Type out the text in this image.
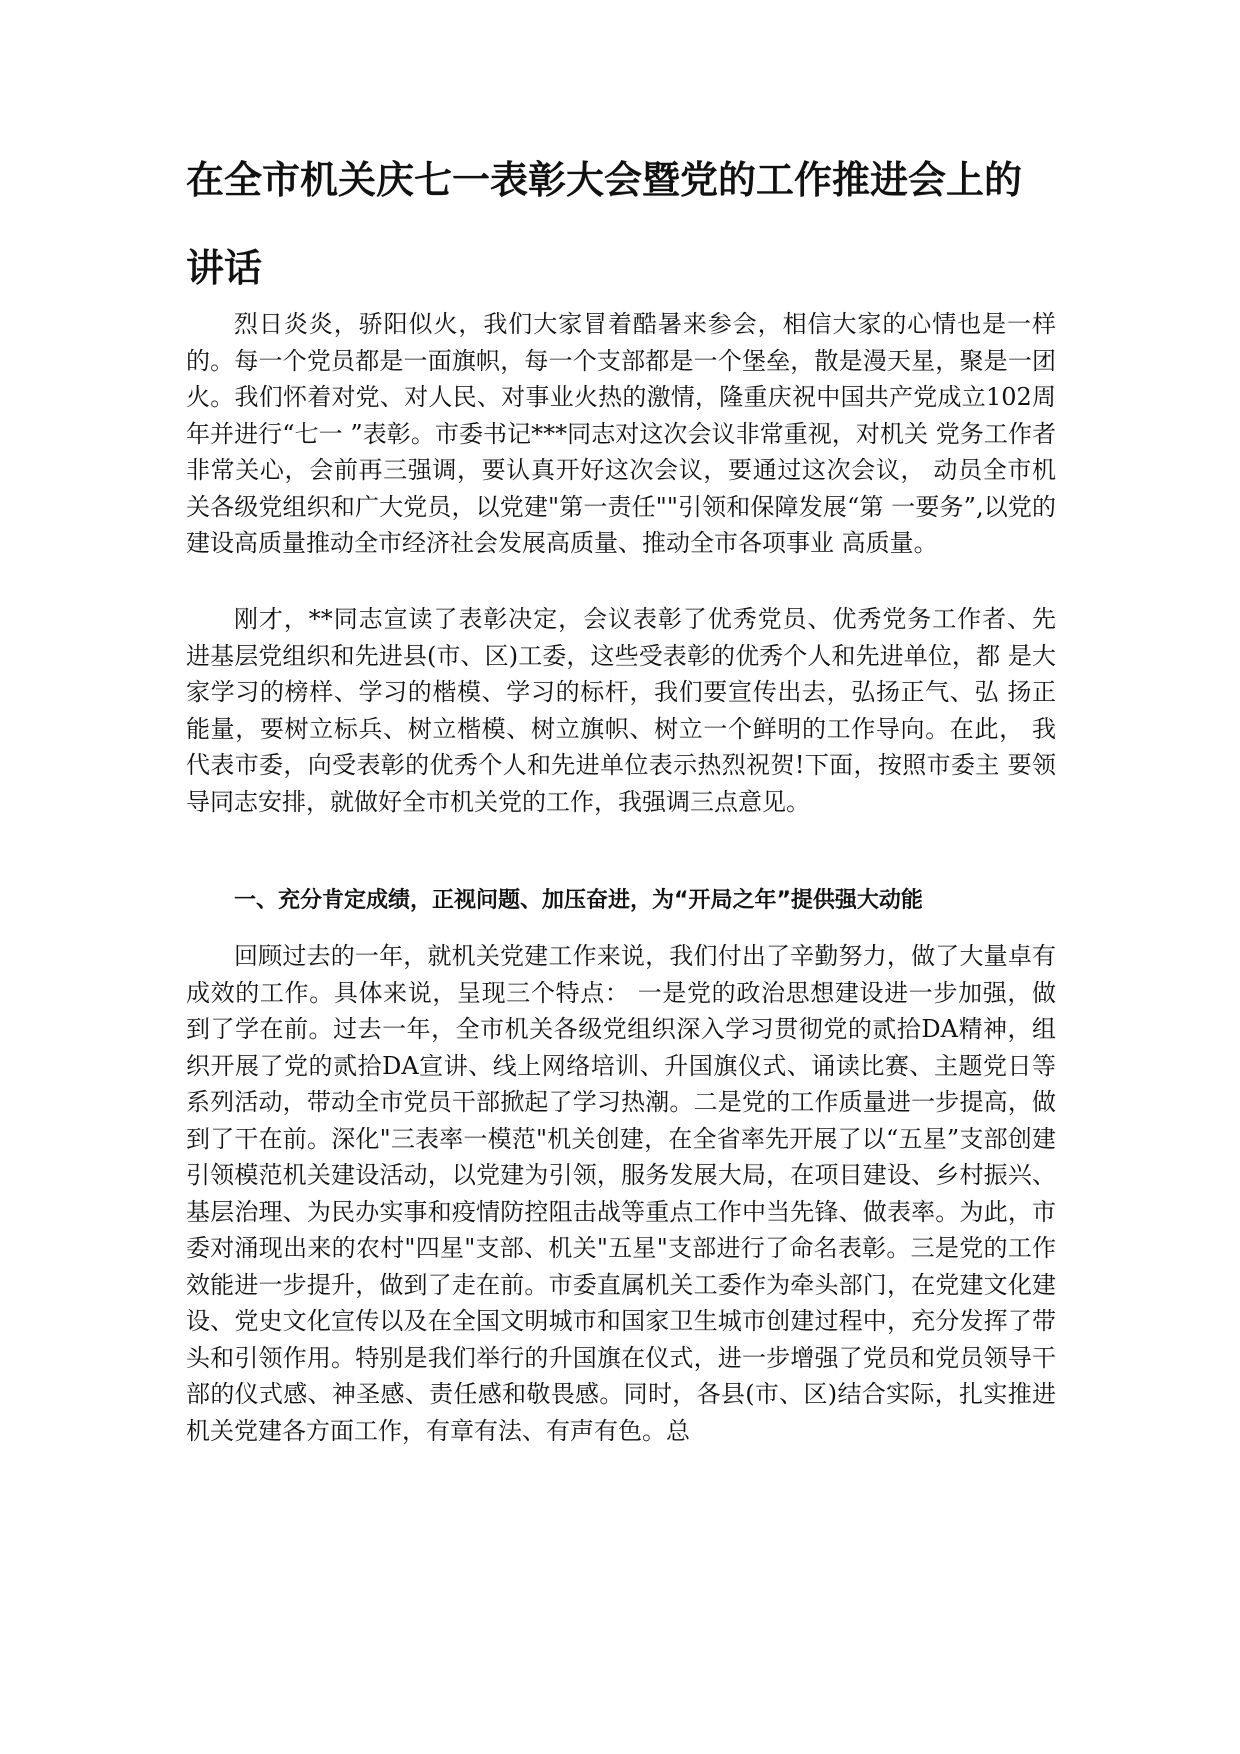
在全市机关庆七一表彰大会暨党的工作推进会上的
讲话

烈日炎炎，骄阳似火，我们大家冒着酷暑来参会，相信大家的心情也是一样的。每一个党员都是一面旗帜，每一个支部都是一个堡垒，散是漫天星，聚是一团火。我们怀着对党、对人民、对事业火热的激情，隆重庆祝中国共产党成立102周年并进行“七一 ”表彰。市委书记***同志对这次会议非常重视，对机关 党务工作者非常关心，会前再三强调，要认真开好这次会议，要通过这次会议， 动员全市机关各级党组织和广大党员，以党建"第一责任""引领和保障发展“第 一要务”,以党的建设高质量推动全市经济社会发展高质量、推动全市各项事业 高质量。

刚才，**同志宣读了表彰决定，会议表彰了优秀党员、优秀党务工作者、先 进基层党组织和先进县(市、区)工委，这些受表彰的优秀个人和先进单位，都 是大家学习的榜样、学习的楷模、学习的标杆，我们要宣传出去，弘扬正气、弘 扬正能量，要树立标兵、树立楷模、树立旗帜、树立一个鲜明的工作导向。在此， 我代表市委，向受表彰的优秀个人和先进单位表示热烈祝贺!下面，按照市委主 要领导同志安排，就做好全市机关党的工作，我强调三点意见。

一、充分肯定成绩，正视问题、加压奋进，为“开局之年”提供强大动能

回顾过去的一年，就机关党建工作来说，我们付出了辛勤努力，做了大量卓有成效的工作。具体来说，呈现三个特点： 一是党的政治思想建设进一步加强，做到了学在前。过去一年，全市机关各级党组织深入学习贯彻党的贰拾DA精神，组织开展了党的贰拾DA宣讲、线上网络培训、升国旗仪式、诵读比赛、主题党日等系列活动，带动全市党员干部掀起了学习热潮。二是党的工作质量进一步提高，做到了干在前。深化"三表率一模范"机关创建，在全省率先开展了以“五星”支部创建引领模范机关建设活动，以党建为引领，服务发展大局，在项目建设、乡村振兴、基层治理、为民办实事和疫情防控阻击战等重点工作中当先锋、做表率。为此，市委对涌现出来的农村"四星"支部、机关"五星"支部进行了命名表彰。三是党的工作效能进一步提升，做到了走在前。市委直属机关工委作为牵头部门，在党建文化建设、党史文化宣传以及在全国文明城市和国家卫生城市创建过程中，充分发挥了带头和引领作用。特别是我们举行的升国旗在仪式，进一步增强了党员和党员领导干部的仪式感、神圣感、责任感和敬畏感。同时，各县(市、区)结合实际，扎实推进机关党建各方面工作，有章有法、有声有色。总
